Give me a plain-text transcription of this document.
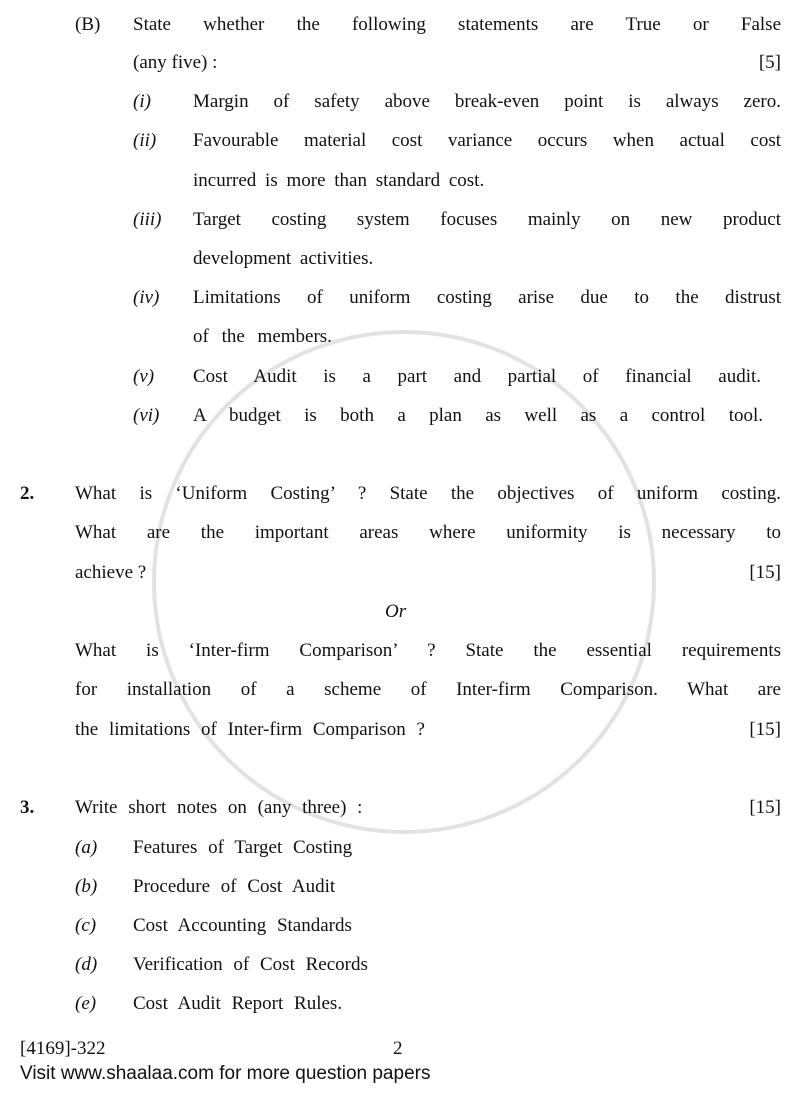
(B) State whether the following statements are True or False
(any five) :	[5]
(i) Margin of safety above break-even point is always zero.
(ii) Favourable material cost variance occurs when actual cost
incurred is more than standard cost.
(iii) Target costing system focuses mainly on new product
development activities.
(iv) Limitations of uniform costing arise due to the distrust
of the members.
(v) Cost Audit is a part and partial of financial audit.
(vi) A budget is both a plan as well as a control tool.
2. What is ‘Uniform Costing’ ? State the objectives of uniform costing.
What are the important areas where uniformity is necessary to
achieve ?	[15]
Or
What is ‘Inter-firm Comparison’ ? State the essential requirements
for installation of a scheme of Inter-firm Comparison. What are
the limitations of Inter-firm Comparison ?	[15]
3. Write short notes on (any three) :	[15]
(a) Features of Target Costing
(b) Procedure of Cost Audit
(c) Cost Accounting Standards
(d) Verification of Cost Records
(e) Cost Audit Report Rules.
[4169]-322	2
Visit www.shaalaa.com for more question papers
